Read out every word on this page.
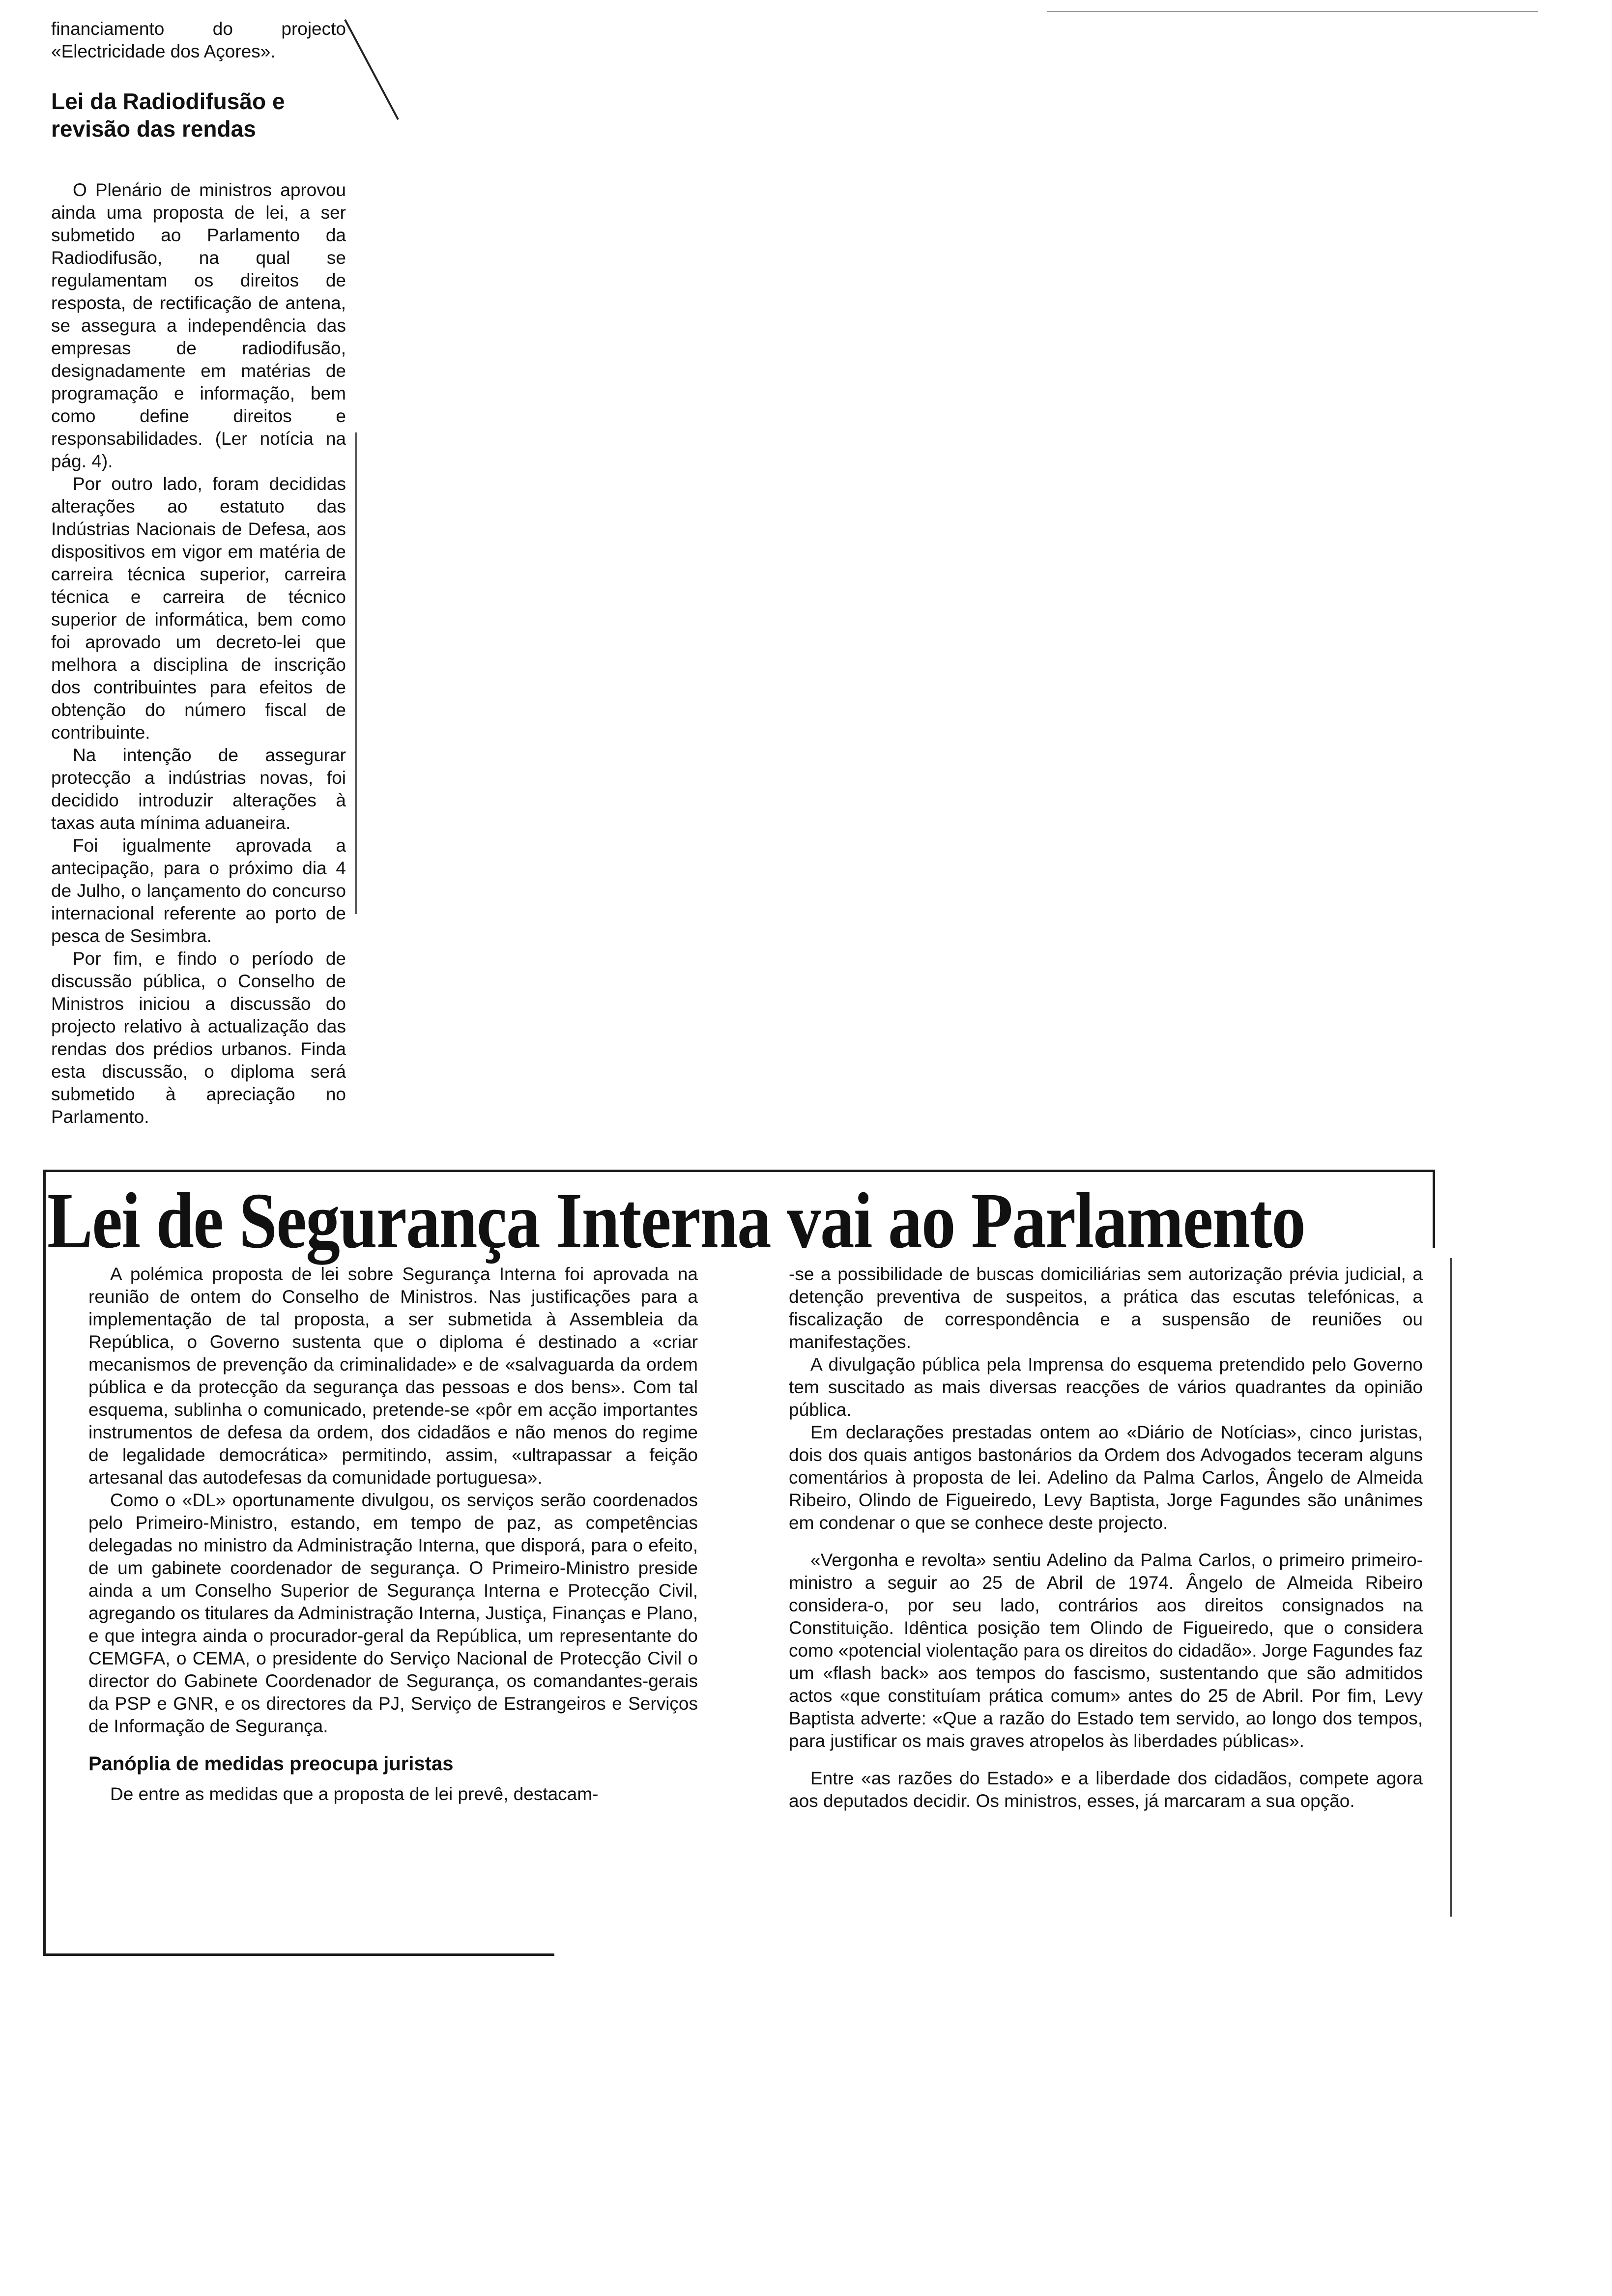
financiamento do projecto «Electricidade dos Açores».
Lei da Radiodifusão e revisão das rendas

O Plenário de ministros aprovou ainda uma proposta de lei, a ser submetido ao Parlamento da Radiodifusão, na qual se regulamentam os direitos de resposta, de rectificação de antena, se assegura a independência das empresas de radiodifusão, designadamente em matérias de programação e informação, bem como define direitos e responsabilidades. (Ler notícia na pág. 4).

Por outro lado, foram decididas alterações ao estatuto das Indústrias Nacionais de Defesa, aos dispositivos em vigor em matéria de carreira técnica superior, carreira técnica e carreira de técnico superior de informática, bem como foi aprovado um decreto-lei que melhora a disciplina de inscrição dos contribuintes para efeitos de obtenção do número fiscal de contribuinte.

Na intenção de assegurar protecção a indústrias novas, foi decidido introduzir alterações à taxas auta mínima aduaneira.

Foi igualmente aprovada a antecipação, para o próximo dia 4 de Julho, o lançamento do concurso internacional referente ao porto de pesca de Sesimbra.

Por fim, e findo o período de discussão pública, o Conselho de Ministros iniciou a discussão do projecto relativo à actualização das rendas dos prédios urbanos. Finda esta discussão, o diploma será submetido à apreciação no Parlamento.

Lei de Segurança Interna vai ao Parlamento

A polémica proposta de lei sobre Segurança Interna foi aprovada na reunião de ontem do Conselho de Ministros. Nas justificações para a implementação de tal proposta, a ser submetida à Assembleia da República, o Governo sustenta que o diploma é destinado a «criar mecanismos de prevenção da criminalidade» e de «salvaguarda da ordem pública e da protecção da segurança das pessoas e dos bens». Com tal esquema, sublinha o comunicado, pretende-se «pôr em acção importantes instrumentos de defesa da ordem, dos cidadãos e não menos do regime de legalidade democrática» permitindo, assim, «ultrapassar a feição artesanal das autodefesas da comunidade portuguesa».

Como o «DL» oportunamente divulgou, os serviços serão coordenados pelo Primeiro-Ministro, estando, em tempo de paz, as competências delegadas no ministro da Administração Interna, que disporá, para o efeito, de um gabinete coordenador de segurança. O Primeiro-Ministro preside ainda a um Conselho Superior de Segurança Interna e Protecção Civil, agregando os titulares da Administração Interna, Justiça, Finanças e Plano, e que integra ainda o procurador-geral da República, um representante do CEMGFA, o CEMA, o presidente do Serviço Nacional de Protecção Civil o director do Gabinete Coordenador de Segurança, os comandantes-gerais da PSP e GNR, e os directores da PJ, Serviço de Estrangeiros e Serviços de Informação de Segurança.

Panóplia de medidas preocupa juristas

De entre as medidas que a proposta de lei prevê, destacam-

-se a possibilidade de buscas domiciliárias sem autorização prévia judicial, a detenção preventiva de suspeitos, a prática das escutas telefónicas, a fiscalização de correspondência e a suspensão de reuniões ou manifestações.

A divulgação pública pela Imprensa do esquema pretendido pelo Governo tem suscitado as mais diversas reacções de vários quadrantes da opinião pública.

Em declarações prestadas ontem ao «Diário de Notícias», cinco juristas, dois dos quais antigos bastonários da Ordem dos Advogados teceram alguns comentários à proposta de lei. Adelino da Palma Carlos, Ângelo de Almeida Ribeiro, Olindo de Figueiredo, Levy Baptista, Jorge Fagundes são unânimes em condenar o que se conhece deste projecto.

«Vergonha e revolta» sentiu Adelino da Palma Carlos, o primeiro primeiro-ministro a seguir ao 25 de Abril de 1974. Ângelo de Almeida Ribeiro considera-o, por seu lado, contrários aos direitos consignados na Constituição. Idêntica posição tem Olindo de Figueiredo, que o considera como «potencial violentação para os direitos do cidadão». Jorge Fagundes faz um «flash back» aos tempos do fascismo, sustentando que são admitidos actos «que constituíam prática comum» antes do 25 de Abril. Por fim, Levy Baptista adverte: «Que a razão do Estado tem servido, ao longo dos tempos, para justificar os mais graves atropelos às liberdades públicas».

Entre «as razões do Estado» e a liberdade dos cidadãos, compete agora aos deputados decidir. Os ministros, esses, já marcaram a sua opção.
